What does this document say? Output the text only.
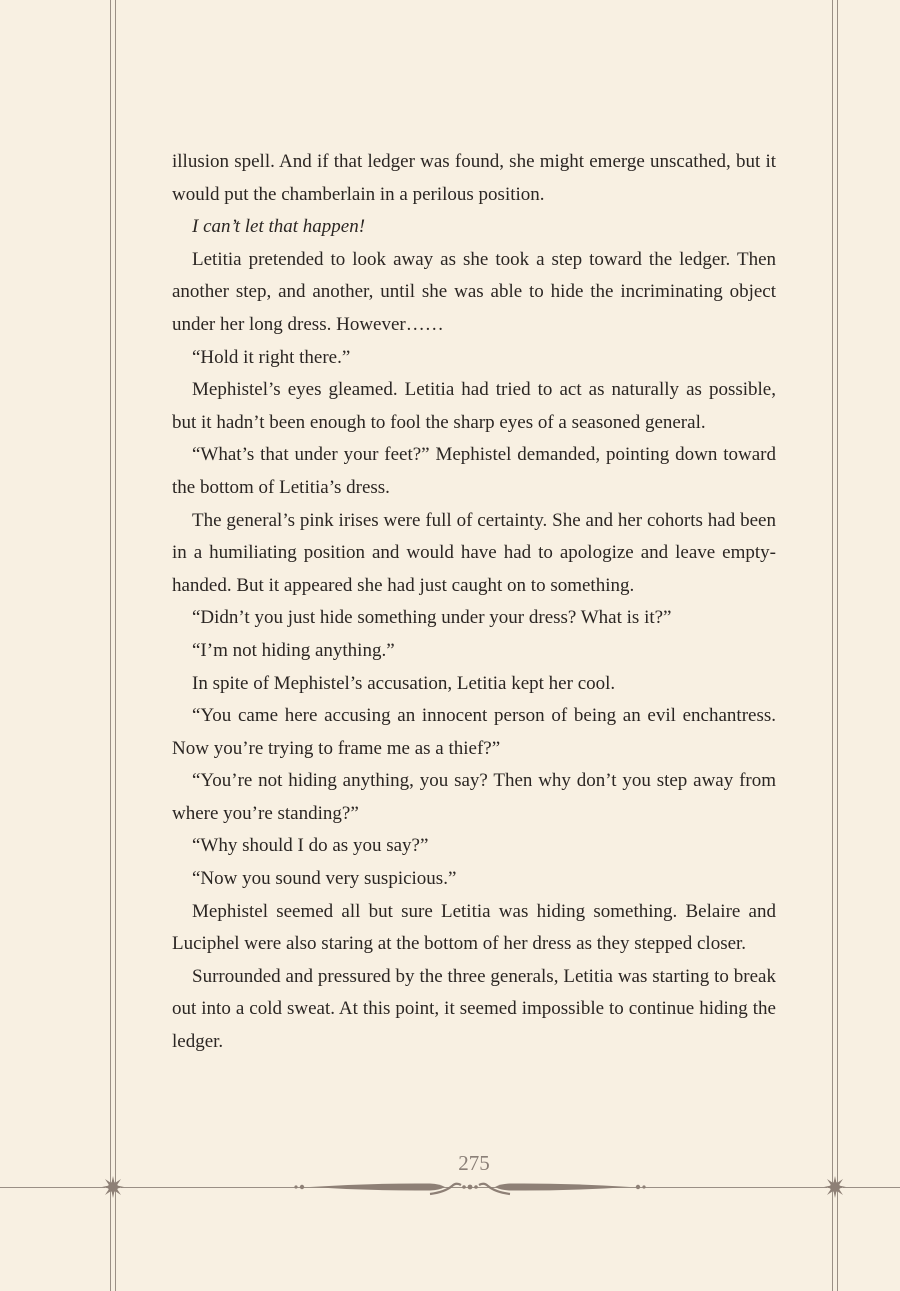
illusion spell. And if that ledger was found, she might emerge unscathed, but it would put the chamberlain in a perilous position.

I can’t let that happen!

Letitia pretended to look away as she took a step toward the ledger. Then another step, and another, until she was able to hide the incriminating object under her long dress. However……

“Hold it right there.”

Mephistel’s eyes gleamed. Letitia had tried to act as naturally as possible, but it hadn’t been enough to fool the sharp eyes of a seasoned general.

“What’s that under your feet?” Mephistel demanded, pointing down toward the bottom of Letitia’s dress.

The general’s pink irises were full of certainty. She and her cohorts had been in a humiliating position and would have had to apologize and leave empty-handed. But it appeared she had just caught on to something.

“Didn’t you just hide something under your dress? What is it?”

“I’m not hiding anything.”

In spite of Mephistel’s accusation, Letitia kept her cool.

“You came here accusing an innocent person of being an evil enchantress. Now you’re trying to frame me as a thief?”

“You’re not hiding anything, you say? Then why don’t you step away from where you’re standing?”

“Why should I do as you say?”

“Now you sound very suspicious.”

Mephistel seemed all but sure Letitia was hiding something. Belaire and Luciphel were also staring at the bottom of her dress as they stepped closer.

Surrounded and pressured by the three generals, Letitia was starting to break out into a cold sweat. At this point, it seemed impossible to continue hiding the ledger.

275
